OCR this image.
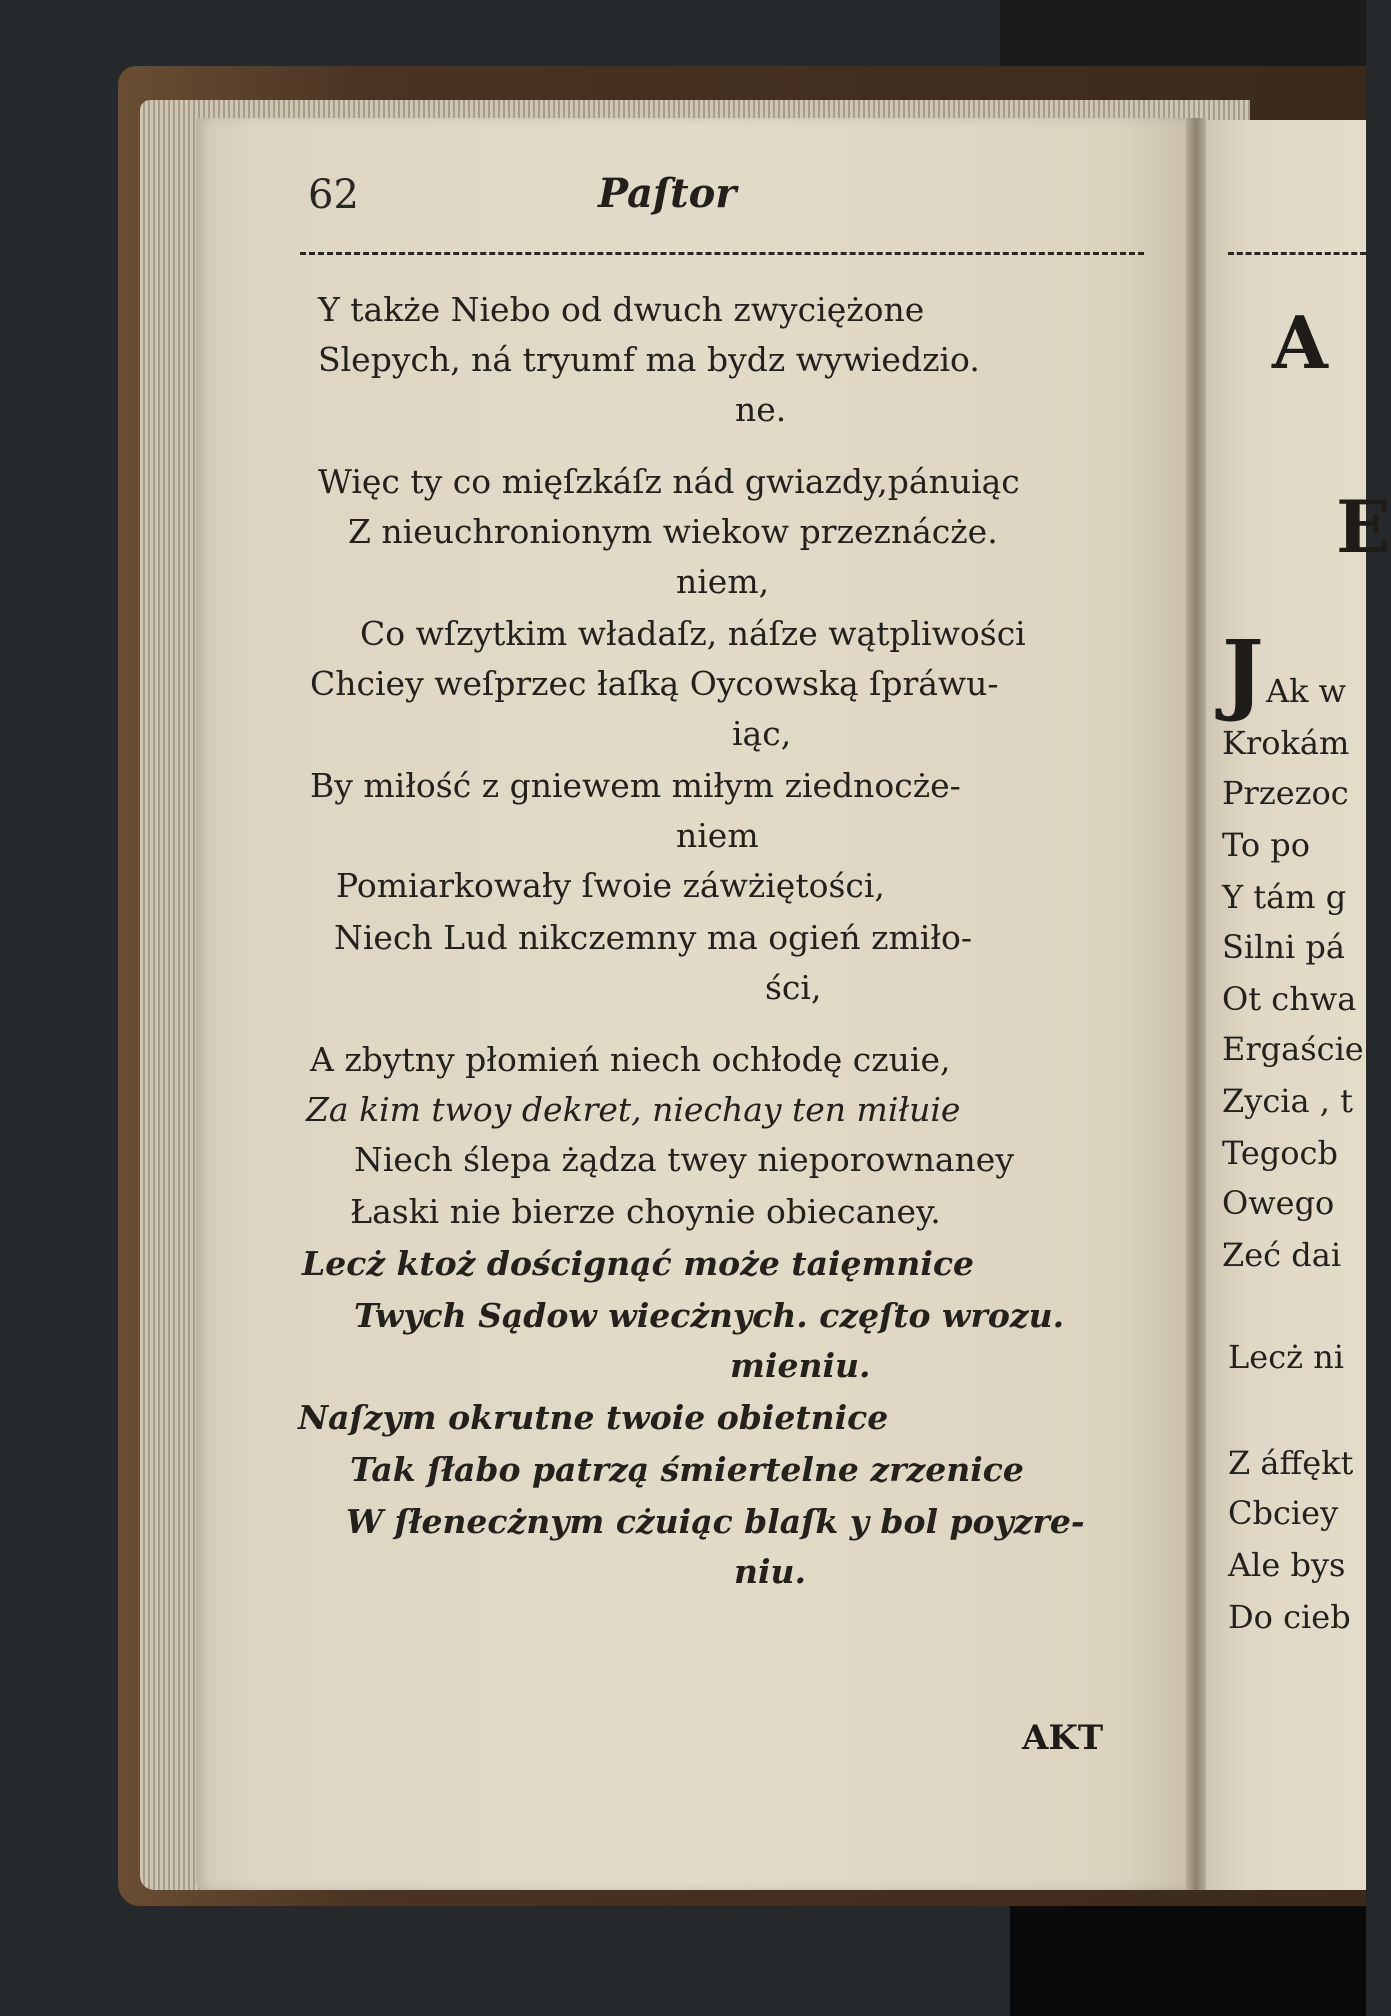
62	Paſtor
Y także Niebo od dwuch zwyciężone
Slepych, ná tryumf ma bydz wywiedzio.
ne.
Więc ty co mięſzkáſz nád gwiazdy,pánuiąc
Z nieuchronionym wiekow przeznácże.
niem,
Co wſzytkim władaſz, náſze wątpliwości
Chciey weſprzec łaſką Oycowską ſpráwu-
iąc,
By miłość z gniewem miłym ziednocże-
niem
Pomiarkowały ſwoie záwżiętości,
Niech Lud nikczemny ma ogień zmiło-
ści,
A zbytny płomień niech ochłodę czuie,
Za kim twoy dekret, niechay ten miłuie
Niech ślepa żądza twey nieporownaney
Łaski nie bierze choynie obiecaney.
Lecż ktoż doścignąć może taięmnice
Twych Sądow wiecżnych. częſto wrozu.
mieniu.
Naſzym okrutne twoie obietnice
Tak ſłabo patrzą śmiertelne zrzenice
W ſłenecżnym cżuiąc blaſk y bol poyzre-
niu.
AKT
A
E
J Ak w
Krokám
Przezoc
To po
Y tám g
Silni pá
Ot chwa
Ergaście
Zycia , t
Tegocb
Owego
Zeć dai
Lecż ni
Z áffękt
Cbciey
Ale bys
Do cieb
